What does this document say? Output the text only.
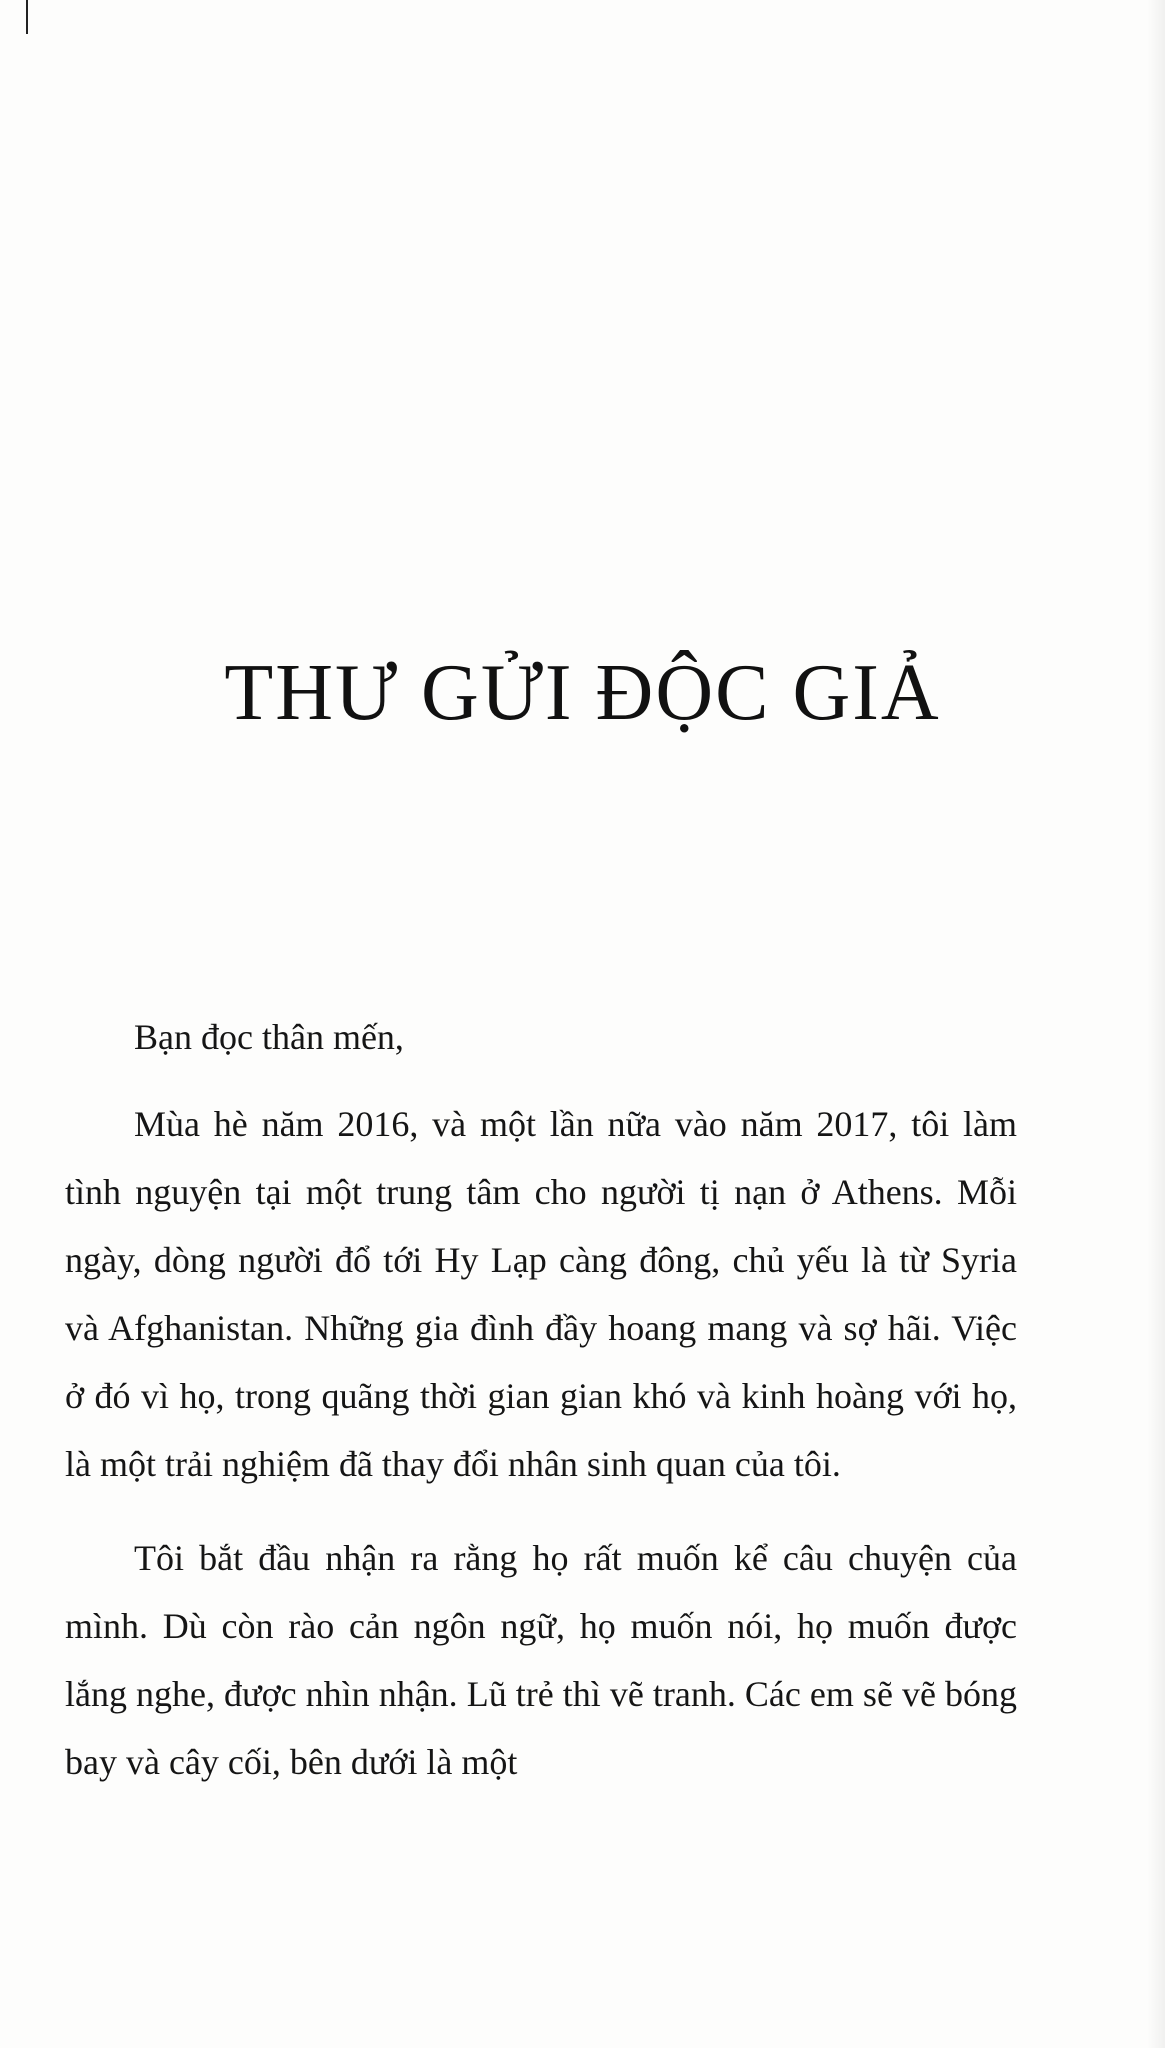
THƯ GỬI ĐỘC GIẢ

Bạn đọc thân mến,

Mùa hè năm 2016, và một lần nữa vào năm 2017, tôi làm tình nguyện tại một trung tâm cho người tị nạn ở Athens. Mỗi ngày, dòng người đổ tới Hy Lạp càng đông, chủ yếu là từ Syria và Afghanistan. Những gia đình đầy hoang mang và sợ hãi. Việc ở đó vì họ, trong quãng thời gian gian khó và kinh hoàng với họ, là một trải nghiệm đã thay đổi nhân sinh quan của tôi.

Tôi bắt đầu nhận ra rằng họ rất muốn kể câu chuyện của mình. Dù còn rào cản ngôn ngữ, họ muốn nói, họ muốn được lắng nghe, được nhìn nhận. Lũ trẻ thì vẽ tranh. Các em sẽ vẽ bóng bay và cây cối, bên dưới là một
